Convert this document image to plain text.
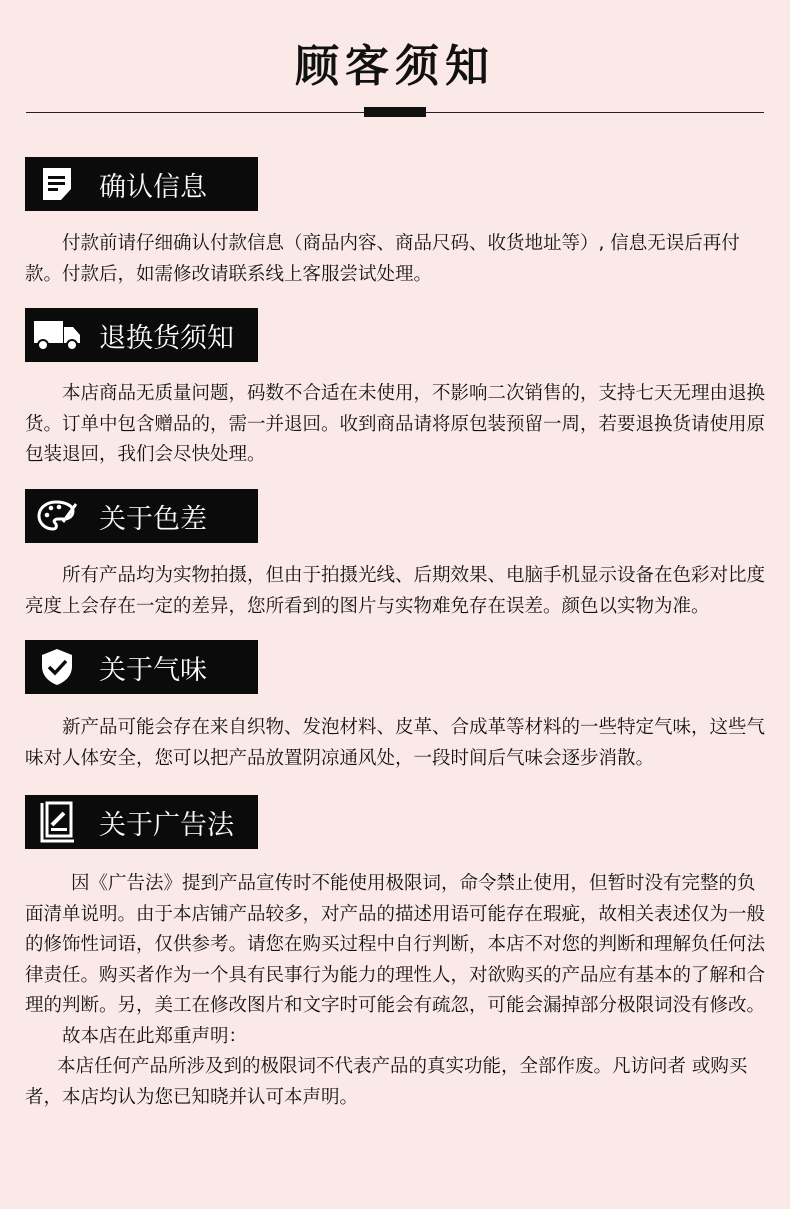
顾客须知
确认信息

付款前请仔细确认付款信息（商品内容、商品尺码、收货地址等）, 信息无误后再付款。付款后，如需修改请联系线上客服尝试处理。

退换货须知

本店商品无质量问题，码数不合适在未使用，不影响二次销售的，支持七天无理由退换货。订单中包含赠品的，需一并退回。收到商品请将原包装预留一周，若要退换货请使用原包装退回，我们会尽快处理。

关于色差

所有产品均为实物拍摄，但由于拍摄光线、后期效果、电脑手机显示设备在色彩对比度亮度上会存在一定的差异，您所看到的图片与实物难免存在误差。颜色以实物为准。

关于气味

新产品可能会存在来自织物、发泡材料、皮革、合成革等材料的一些特定气味，这些气味对人体安全，您可以把产品放置阴凉通风处，一段时间后气味会逐步消散。

关于广告法

因《广告法》提到产品宣传时不能使用极限词，命令禁止使用，但暂时没有完整的负面清单说明。由于本店铺产品较多，对产品的描述用语可能存在瑕疵，故相关表述仅为一般的修饰性词语，仅供参考。请您在购买过程中自行判断，本店不对您的判断和理解负任何法律责任。购买者作为一个具有民事行为能力的理性人，对欲购买的产品应有基本的了解和合理的判断。另，美工在修改图片和文字时可能会有疏忽，可能会漏掉部分极限词没有修改。

故本店在此郑重声明：

本店任何产品所涉及到的极限词不代表产品的真实功能，全部作废。凡访问者 或购买者，本店均认为您已知晓并认可本声明。
